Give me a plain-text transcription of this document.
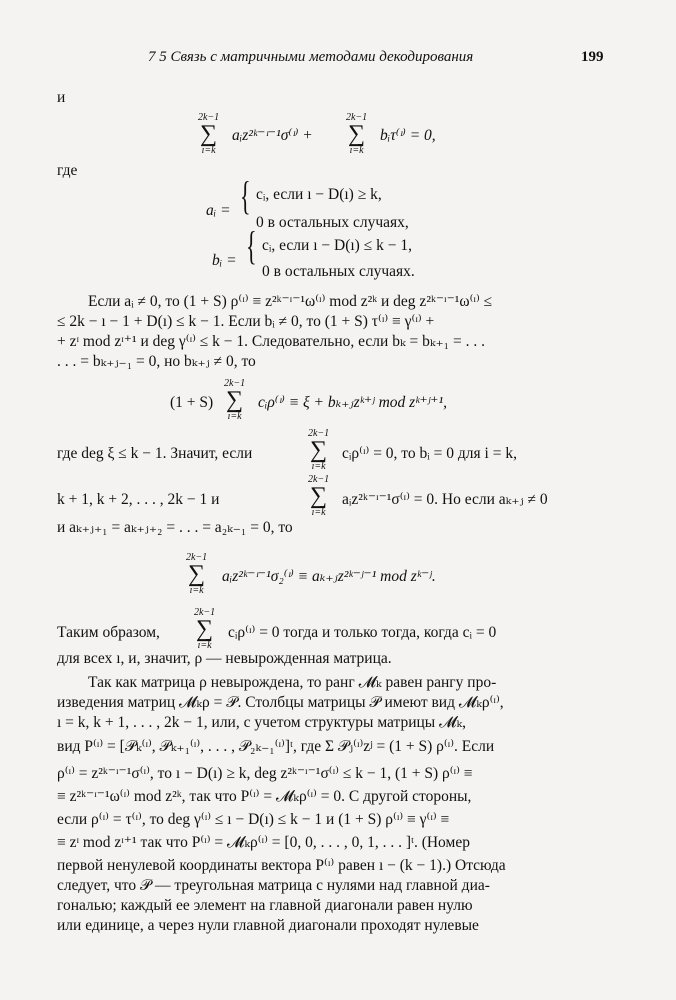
7 5 Связь с матричными методами декодирования	199
и
2k−1
∑
ı=k
aᵢz²ᵏ⁻ᶦ⁻¹σ⁽ᶦ⁾ +
2k−1
∑
ı=k
bᵢτ⁽ᶦ⁾ = 0,
где
aᵢ = { cᵢ, если ı − D(ı) ≥ k,
0 в остальных случаях,
bᵢ = { cᵢ, если ı − D(ı) ≤ k − 1,
0 в остальных случаях.
Если aᵢ ≠ 0, то (1 + S) ρ⁽ᶦ⁾ ≡ z²ᵏ⁻ᶦ⁻¹ω⁽ᶦ⁾ mod z²ᵏ и deg z²ᵏ⁻ᶦ⁻¹ω⁽ᶦ⁾ ≤
≤ 2k − ı − 1 + D(ı) ≤ k − 1. Если bᵢ ≠ 0, то (1 + S) τ⁽ᶦ⁾ ≡ γ⁽ᶦ⁾ +
+ zᶦ mod zᶦ⁺¹ и deg γ⁽ᶦ⁾ ≤ k − 1. Следовательно, если bₖ = bₖ₊₁ = . . .
. . . = bₖ₊ⱼ₋₁ = 0, но bₖ₊ⱼ ≠ 0, то
(1 + S)
2k−1
∑
ı=k
cᵢρ⁽ᶦ⁾ ≡ ξ + bₖ₊ⱼzᵏ⁺ʲ mod zᵏ⁺ʲ⁺¹,
где deg ξ ≤ k − 1. Значит, если
2k−1
∑
ı=k
cᵢρ⁽ᶦ⁾ = 0, то bᵢ = 0 для i = k,
k + 1, k + 2, . . . , 2k − 1 и
2k−1
∑
ı=k
aᵢz²ᵏ⁻ᶦ⁻¹σ⁽ᶦ⁾ = 0. Но если aₖ₊ⱼ ≠ 0
и aₖ₊ⱼ₊₁ = aₖ₊ⱼ₊₂ = . . . = a₂ₖ₋₁ = 0, то
2k−1
∑
ı=k
aᵢz²ᵏ⁻ᶦ⁻¹σ₂⁽ᶦ⁾ ≡ aₖ₊ⱼz²ᵏ⁻ʲ⁻¹ mod zᵏ⁻ʲ.
Таким образом,
2k−1
∑
ı=k
cᵢρ⁽ᶦ⁾ = 0 тогда и только тогда, когда cᵢ = 0
для всех ı, и, значит, ρ — невырожденная матрица.
Так как матрица ρ невырождена, то ранг 𝓜ₖ равен рангу про-
изведения матриц 𝓜ₖρ = 𝒫. Столбцы матрицы 𝒫 имеют вид 𝓜ₖρ⁽ᶦ⁾,
ı = k, k + 1, . . . , 2k − 1, или, с учетом структуры матрицы 𝓜ₖ,
вид P⁽ᶦ⁾ = [𝒫ₖ⁽ᶦ⁾, 𝒫ₖ₊₁⁽ᶦ⁾, . . . , 𝒫₂ₖ₋₁⁽ᶦ⁾]ᵗ, где Σ 𝒫ⱼ⁽ᶦ⁾zʲ = (1 + S) ρ⁽ᶦ⁾. Если
ρ⁽ᶦ⁾ = z²ᵏ⁻ᶦ⁻¹σ⁽ᶦ⁾, то ı − D(ı) ≥ k, deg z²ᵏ⁻ᶦ⁻¹σ⁽ᶦ⁾ ≤ k − 1, (1 + S) ρ⁽ᶦ⁾ ≡
≡ z²ᵏ⁻ᶦ⁻¹ω⁽ᶦ⁾ mod z²ᵏ, так что P⁽ᶦ⁾ = 𝓜ₖρ⁽ᶦ⁾ = 0. С другой стороны,
если ρ⁽ᶦ⁾ = τ⁽ᶦ⁾, то deg γ⁽ᶦ⁾ ≤ ı − D(ı) ≤ k − 1 и (1 + S) ρ⁽ᶦ⁾ ≡ γ⁽ᶦ⁾ ≡
≡ zᶦ mod zᶦ⁺¹ так что P⁽ᶦ⁾ = 𝓜ₖρ⁽ᶦ⁾ = [0, 0, . . . , 0, 1, . . . ]ᵗ. (Номер
первой ненулевой координаты вектора P⁽ᶦ⁾ равен ı − (k − 1).) Отсюда
следует, что 𝒫 — треугольная матрица с нулями над главной диа-
гональю; каждый ее элемент на главной диагонали равен нулю
или единице, а через нули главной диагонали проходят нулевые
